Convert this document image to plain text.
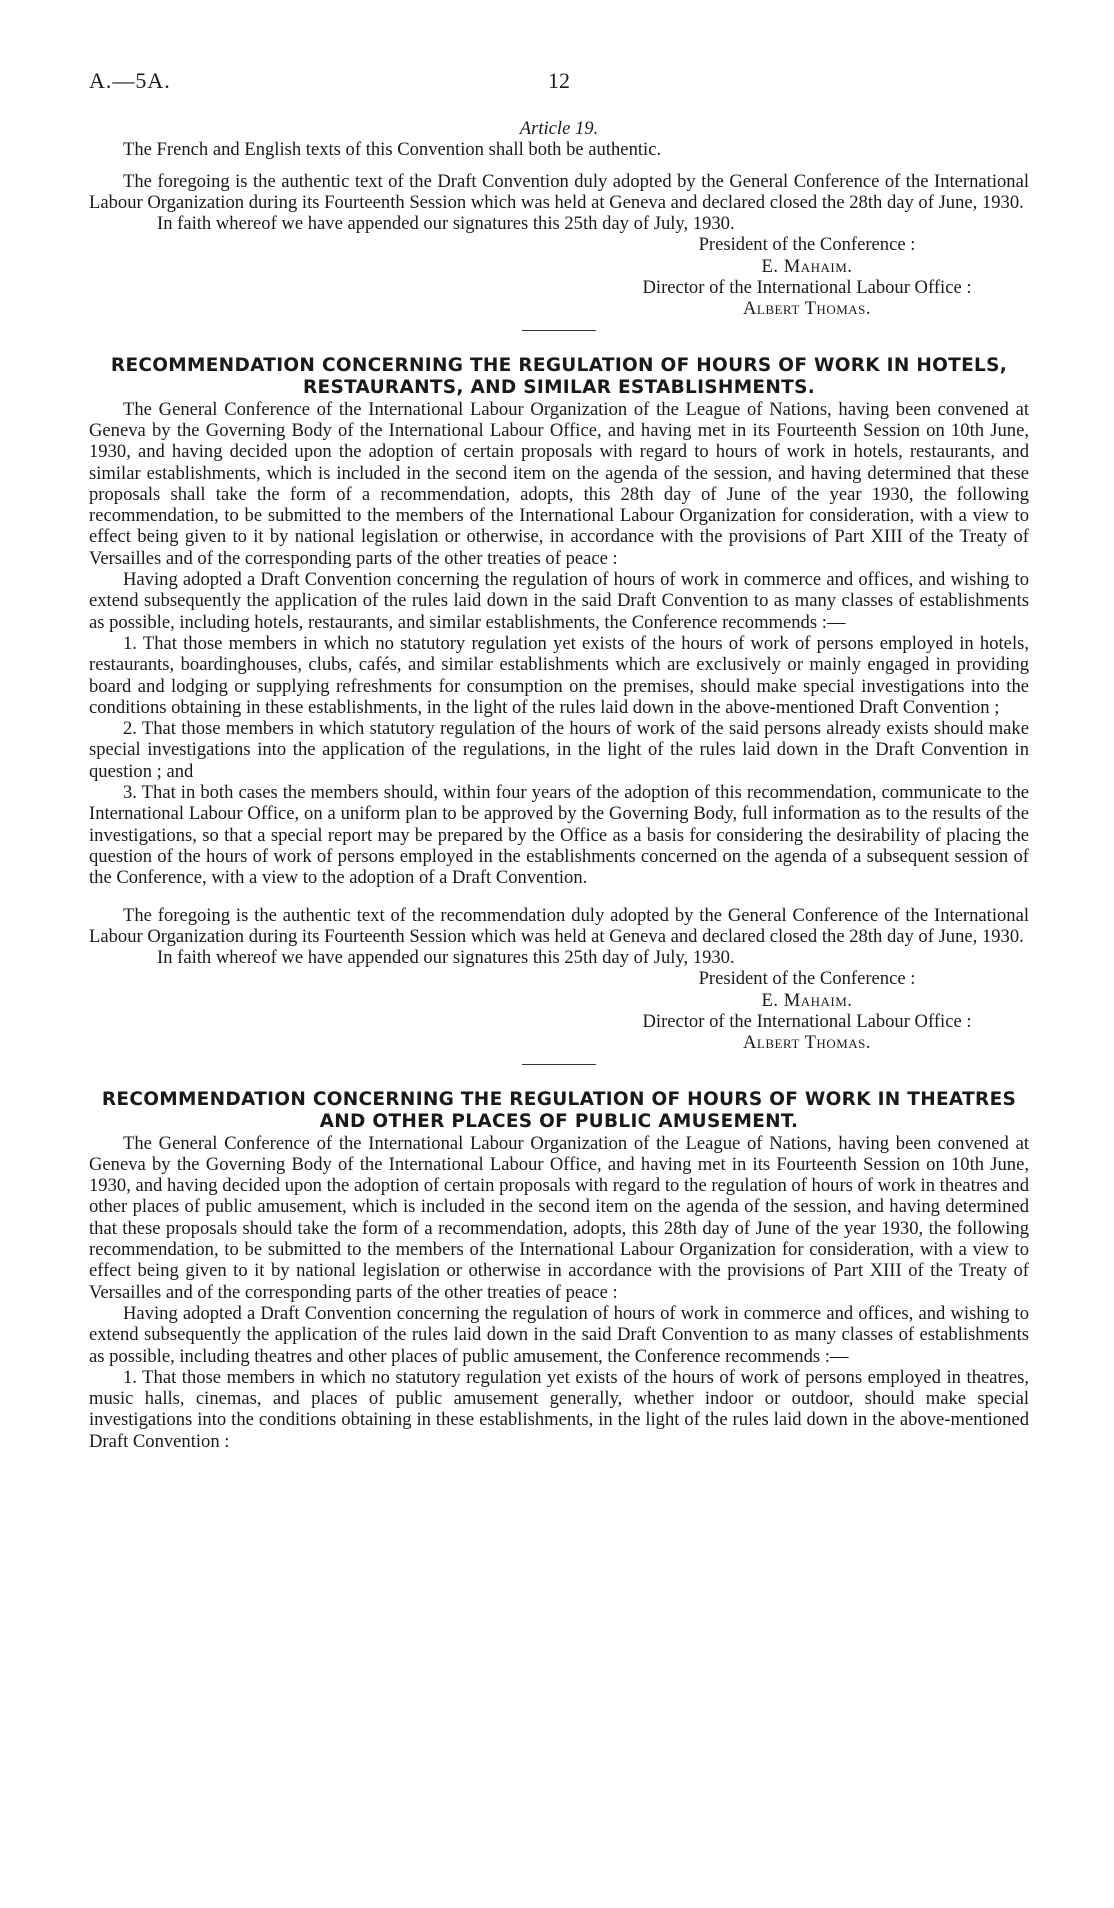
A.—5A.	12

Article 19.

The French and English texts of this Convention shall both be authentic.

The foregoing is the authentic text of the Draft Convention duly adopted by the General Conference of the International Labour Organization during its Fourteenth Session which was held at Geneva and declared closed the 28th day of June, 1930.

In faith whereof we have appended our signatures this 25th day of July, 1930.

President of the Conference :

E. Mahaim.

Director of the International Labour Office :

Albert Thomas.

RECOMMENDATION CONCERNING THE REGULATION OF HOURS OF WORK IN HOTELS, RESTAURANTS, AND SIMILAR ESTABLISHMENTS.

The General Conference of the International Labour Organization of the League of Nations, having been convened at Geneva by the Governing Body of the International Labour Office, and having met in its Fourteenth Session on 10th June, 1930, and having decided upon the adoption of certain proposals with regard to hours of work in hotels, restaurants, and similar establishments, which is included in the second item on the agenda of the session, and having determined that these proposals shall take the form of a recommendation, adopts, this 28th day of June of the year 1930, the following recommendation, to be submitted to the members of the International Labour Organization for consideration, with a view to effect being given to it by national legislation or otherwise, in accordance with the provisions of Part XIII of the Treaty of Versailles and of the corresponding parts of the other treaties of peace :

Having adopted a Draft Convention concerning the regulation of hours of work in commerce and offices, and wishing to extend subsequently the application of the rules laid down in the said Draft Convention to as many classes of establishments as possible, including hotels, restaurants, and similar establishments, the Conference recommends :—

1. That those members in which no statutory regulation yet exists of the hours of work of persons employed in hotels, restaurants, boardinghouses, clubs, cafés, and similar establishments which are exclusively or mainly engaged in providing board and lodging or supplying refreshments for consumption on the premises, should make special investigations into the conditions obtaining in these establishments, in the light of the rules laid down in the above-mentioned Draft Convention ;

2. That those members in which statutory regulation of the hours of work of the said persons already exists should make special investigations into the application of the regulations, in the light of the rules laid down in the Draft Convention in question ; and

3. That in both cases the members should, within four years of the adoption of this recommendation, communicate to the International Labour Office, on a uniform plan to be approved by the Governing Body, full information as to the results of the investigations, so that a special report may be prepared by the Office as a basis for considering the desirability of placing the question of the hours of work of persons employed in the establishments concerned on the agenda of a subsequent session of the Conference, with a view to the adoption of a Draft Convention.

The foregoing is the authentic text of the recommendation duly adopted by the General Conference of the International Labour Organization during its Fourteenth Session which was held at Geneva and declared closed the 28th day of June, 1930.

In faith whereof we have appended our signatures this 25th day of July, 1930.

President of the Conference :

E. Mahaim.

Director of the International Labour Office :

Albert Thomas.

RECOMMENDATION CONCERNING THE REGULATION OF HOURS OF WORK IN THEATRES AND OTHER PLACES OF PUBLIC AMUSEMENT.

The General Conference of the International Labour Organization of the League of Nations, having been convened at Geneva by the Governing Body of the International Labour Office, and having met in its Fourteenth Session on 10th June, 1930, and having decided upon the adoption of certain proposals with regard to the regulation of hours of work in theatres and other places of public amusement, which is included in the second item on the agenda of the session, and having determined that these proposals should take the form of a recommendation, adopts, this 28th day of June of the year 1930, the following recommendation, to be submitted to the members of the International Labour Organization for consideration, with a view to effect being given to it by national legislation or otherwise in accordance with the provisions of Part XIII of the Treaty of Versailles and of the corresponding parts of the other treaties of peace :

Having adopted a Draft Convention concerning the regulation of hours of work in commerce and offices, and wishing to extend subsequently the application of the rules laid down in the said Draft Convention to as many classes of establishments as possible, including theatres and other places of public amusement, the Conference recommends :—

1. That those members in which no statutory regulation yet exists of the hours of work of persons employed in theatres, music halls, cinemas, and places of public amusement generally, whether indoor or outdoor, should make special investigations into the conditions obtaining in these establishments, in the light of the rules laid down in the above-mentioned Draft Convention :
